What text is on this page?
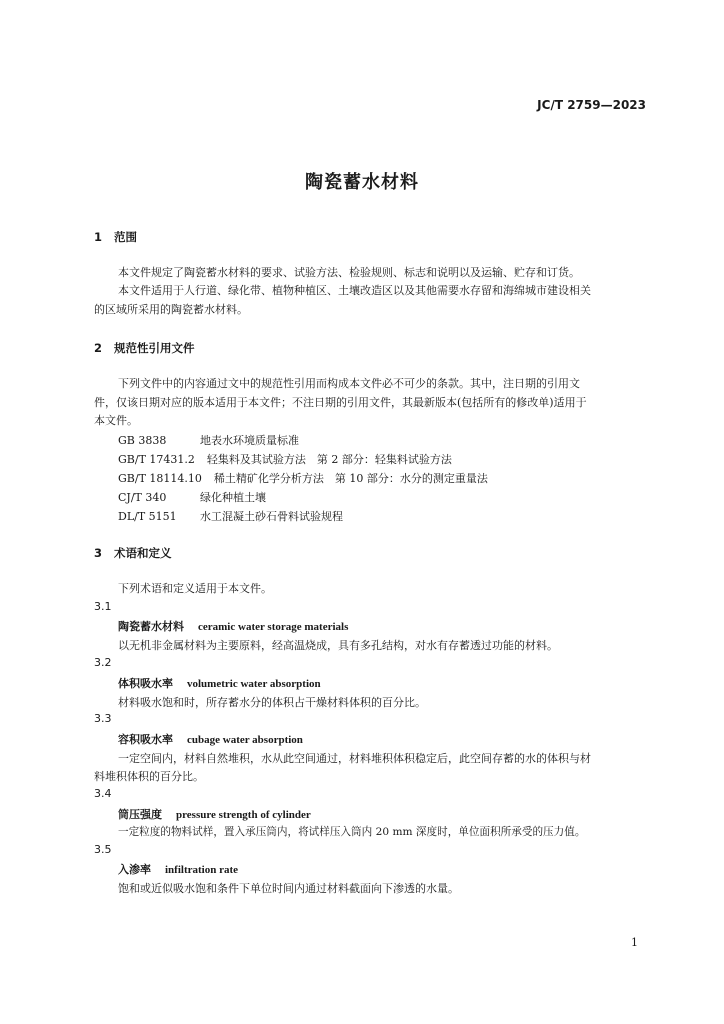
JC/T 2759—2023
陶瓷蓄水材料
1 范围
本文件规定了陶瓷蓄水材料的要求、试验方法、检验规则、标志和说明以及运输、贮存和订货。
本文件适用于人行道、绿化带、植物种植区、土壤改造区以及其他需要水存留和海绵城市建设相关
的区域所采用的陶瓷蓄水材料。
2 规范性引用文件
下列文件中的内容通过文中的规范性引用而构成本文件必不可少的条款。其中，注日期的引用文
件，仅该日期对应的版本适用于本文件；不注日期的引用文件，其最新版本(包括所有的修改单)适用于
本文件。
GB 3838	地表水环境质量标准
GB/T 17431.2 轻集料及其试验方法　第 2 部分：轻集料试验方法
GB/T 18114.10 稀土精矿化学分析方法　第 10 部分：水分的测定重量法
CJ/T 340	绿化种植土壤
DL/T 5151 水工混凝土砂石骨料试验规程
3 术语和定义
下列术语和定义适用于本文件。
3.1
陶瓷蓄水材料 ceramic water storage materials
以无机非金属材料为主要原料，经高温烧成，具有多孔结构，对水有存蓄透过功能的材料。
3.2
体积吸水率 volumetric water absorption
材料吸水饱和时，所存蓄水分的体积占干燥材料体积的百分比。
3.3
容积吸水率 cubage water absorption
一定空间内，材料自然堆积，水从此空间通过，材料堆积体积稳定后，此空间存蓄的水的体积与材
料堆积体积的百分比。
3.4
筒压强度 pressure strength of cylinder
一定粒度的物料试样，置入承压筒内，将试样压入筒内 20 mm 深度时，单位面积所承受的压力值。
3.5
入渗率 infiltration rate
饱和或近似吸水饱和条件下单位时间内通过材料截面向下渗透的水量。
1
